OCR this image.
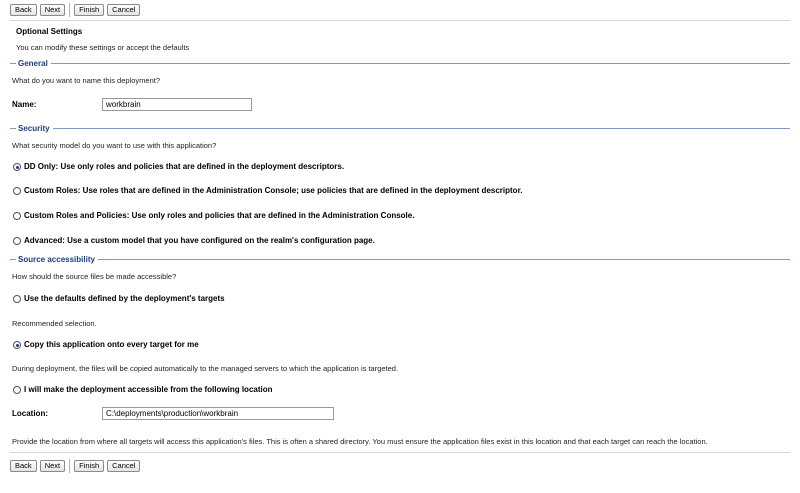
Back	Next	Finish	Cancel
Optional Settings
You can modify these settings or accept the defaults
General
What do you want to name this deployment?
Name:
workbrain
Security
What security model do you want to use with this application?
DD Only: Use only roles and policies that are defined in the deployment descriptors.
Custom Roles: Use roles that are defined in the Administration Console; use policies that are defined in the deployment descriptor.
Custom Roles and Policies: Use only roles and policies that are defined in the Administration Console.
Advanced: Use a custom model that you have configured on the realm's configuration page.
Source accessibility
How should the source files be made accessible?
Use the defaults defined by the deployment's targets
Recommended selection.
Copy this application onto every target for me
During deployment, the files will be copied automatically to the managed servers to which the application is targeted.
I will make the deployment accessible from the following location
Location:
C:\deployments\production\workbrain
Provide the location from where all targets will access this application's files. This is often a shared directory. You must ensure the application files exist in this location and that each target can reach the location.
Back	Next	Finish	Cancel
